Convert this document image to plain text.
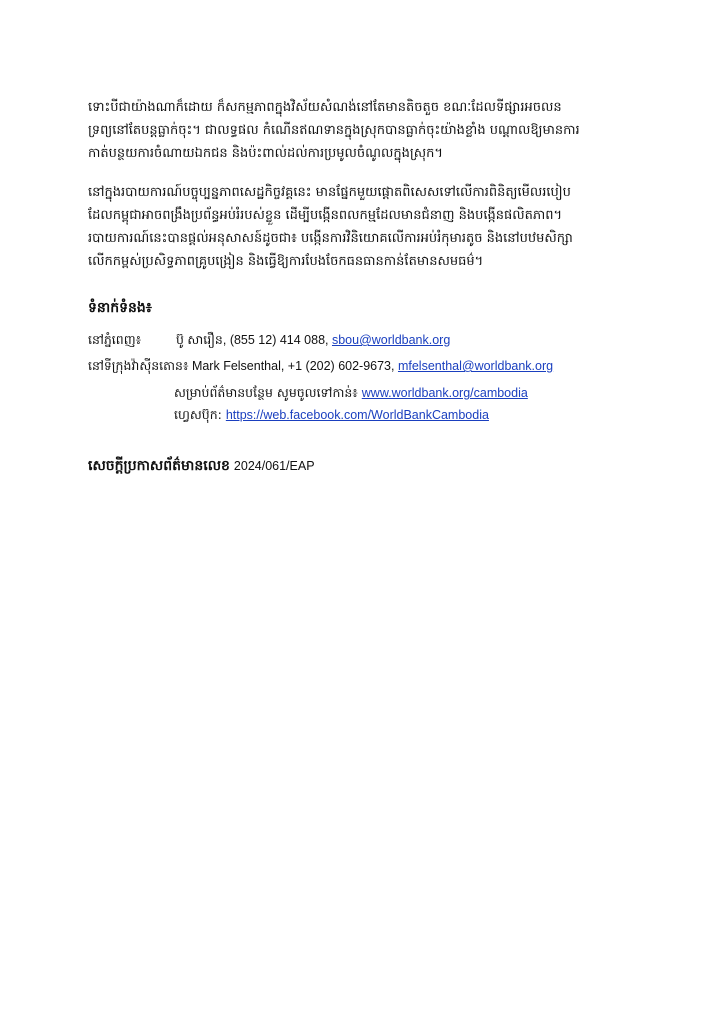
ទោះបីជាយ៉ាងណាក៏ដោយ ក៏សកម្មភាពក្នុងវិស័យសំណង់នៅតែមានតិចតួច ខណៈដែលទីផ្សារអចលន
ទ្រព្យនៅតែបន្តធ្លាក់ចុះ។ ជាលទ្ធផល កំណើនឥណទានក្នុងស្រុកបានធ្លាក់ចុះយ៉ាងខ្លាំង បណ្តាលឱ្យមានការ
កាត់បន្ថយការចំណាយឯកជន និងប៉ះពាល់ដល់ការប្រមូលចំណូលក្នុងស្រុក។
នៅក្នុងរបាយការណ៍បច្ចុប្បន្នភាពសេដ្ឋកិច្ចវគ្គនេះ មានផ្នែកមួយផ្តោតពិសេសទៅលើការពិនិត្យមើលរបៀប
ដែលកម្ពុជាអាចពង្រឹងប្រព័ន្ធអប់រំរបស់ខ្លួន ដើម្បីបង្កើនពលកម្មដែលមានជំនាញ និងបង្កើនផលិតភាព។
របាយការណ៍នេះបានផ្តល់អនុសាសន៍ដូចជា៖ បង្កើនការវិនិយោគលើការអប់រំកុមារតូច និងនៅបឋមសិក្សា
លើកកម្ពស់ប្រសិទ្ធភាពគ្រូបង្រៀន និងធ្វើឱ្យការបែងចែកធនធានកាន់តែមានសមធម៌។
ទំនាក់ទំនង៖
នៅភ្នំពេញ៖	ប៊ូ សារឿន, (855 12) 414 088, sbou@worldbank.org
នៅទីក្រុងវ៉ាស៊ីនតោន៖ Mark Felsenthal, +1 (202) 602-9673, mfelsenthal@worldbank.org
សម្រាប់ព័ត៌មានបន្ថែម សូមចូលទៅកាន់៖ www.worldbank.org/cambodia
ហ្វេសប៊ុក: https://web.facebook.com/WorldBankCambodia
សេចក្តីប្រកាសព័ត៌មានលេខ 2024/061/EAP
